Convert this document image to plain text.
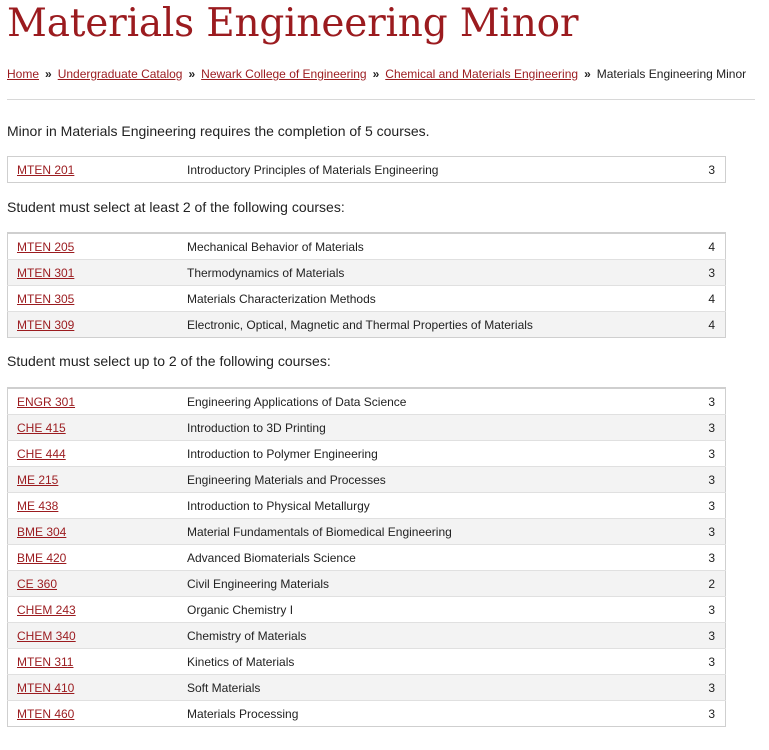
Materials Engineering Minor
Home » Undergraduate Catalog » Newark College of Engineering » Chemical and Materials Engineering » Materials Engineering Minor
Minor in Materials Engineering requires the completion of 5 courses.
MTEN 201	Introductory Principles of Materials Engineering	3
Student must select at least 2 of the following courses:
MTEN 205	Mechanical Behavior of Materials	4
MTEN 301	Thermodynamics of Materials	3
MTEN 305	Materials Characterization Methods	4
MTEN 309	Electronic, Optical, Magnetic and Thermal Properties of Materials	4
Student must select up to 2 of the following courses:
ENGR 301	Engineering Applications of Data Science	3
CHE 415	Introduction to 3D Printing	3
CHE 444	Introduction to Polymer Engineering	3
ME 215	Engineering Materials and Processes	3
ME 438	Introduction to Physical Metallurgy	3
BME 304	Material Fundamentals of Biomedical Engineering	3
BME 420	Advanced Biomaterials Science	3
CE 360	Civil Engineering Materials	2
CHEM 243	Organic Chemistry I	3
CHEM 340	Chemistry of Materials	3
MTEN 311	Kinetics of Materials	3
MTEN 410	Soft Materials	3
MTEN 460	Materials Processing	3
